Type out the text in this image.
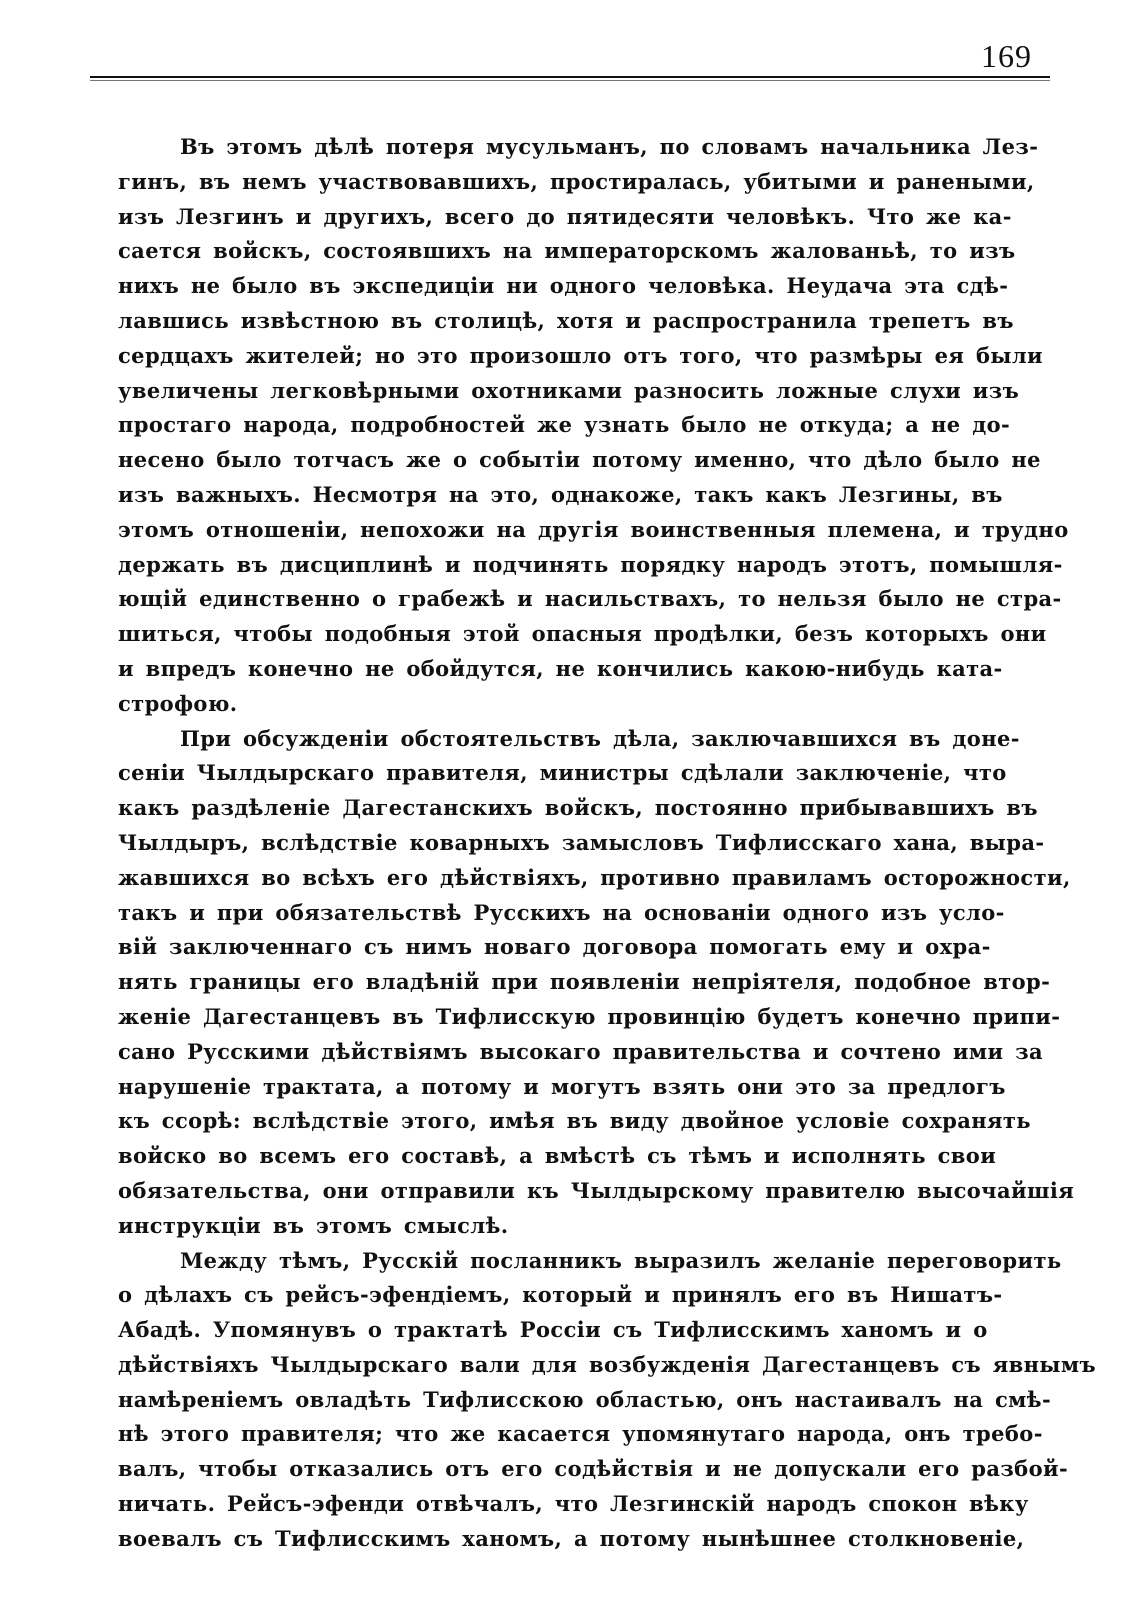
169
Въ этомъ дѣлѣ потеря мусульманъ, по словамъ начальника Лез-
гинъ, въ немъ участвовавшихъ, простиралась, убитыми и ранеными,
изъ Лезгинъ и другихъ, всего до пятидесяти человѣкъ. Что же ка-
сается войскъ, состоявшихъ на императорскомъ жалованьѣ, то изъ
нихъ не было въ экспедиціи ни одного человѣка. Неудача эта сдѣ-
лавшись извѣстною въ столицѣ, хотя и распространила трепетъ въ
сердцахъ жителей; но это произошло отъ того, что размѣры ея были
увеличены легковѣрными охотниками разносить ложные слухи изъ
простаго народа, подробностей же узнать было не откуда; а не до-
несено было тотчасъ же о событіи потому именно, что дѣло было не
изъ важныхъ. Несмотря на это, однакоже, такъ какъ Лезгины, въ
этомъ отношеніи, непохожи на другія воинственныя племена, и трудно
держать въ дисциплинѣ и подчинять порядку народъ этотъ, помышля-
ющій единственно о грабежѣ и насильствахъ, то нельзя было не стра-
шиться, чтобы подобныя этой опасныя продѣлки, безъ которыхъ они
и впредъ конечно не обойдутся, не кончились какою-нибудь ката-
строфою.
При обсужденіи обстоятельствъ дѣла, заключавшихся въ доне-
сеніи Чылдырскаго правителя, министры сдѣлали заключеніе, что
какъ раздѣленіе Дагестанскихъ войскъ, постоянно прибывавшихъ въ
Чылдыръ, вслѣдствіе коварныхъ замысловъ Тифлисскаго хана, выра-
жавшихся во всѣхъ его дѣйствіяхъ, противно правиламъ осторожности,
такъ и при обязательствѣ Русскихъ на основаніи одного изъ усло-
вій заключеннаго съ нимъ новаго договора помогать ему и охра-
нять границы его владѣній при появленіи непріятеля, подобное втор-
женіе Дагестанцевъ въ Тифлисскую провинцію будетъ конечно припи-
сано Русскими дѣйствіямъ высокаго правительства и сочтено ими за
нарушеніе трактата, а потому и могутъ взять они это за предлогъ
къ ссорѣ: вслѣдствіе этого, имѣя въ виду двойное условіе сохранять
войско во всемъ его составѣ, а вмѣстѣ съ тѣмъ и исполнять свои
обязательства, они отправили къ Чылдырскому правителю высочайшія
инструкціи въ этомъ смыслѣ.
Между тѣмъ, Русскій посланникъ выразилъ желаніе переговорить
о дѣлахъ съ рейсъ-эфендіемъ, который и принялъ его въ Нишатъ-
Абадѣ. Упомянувъ о трактатѣ Россіи съ Тифлисскимъ ханомъ и о
дѣйствіяхъ Чылдырскаго вали для возбужденія Дагестанцевъ съ явнымъ
намѣреніемъ овладѣть Тифлисскою областью, онъ настаивалъ на смѣ-
нѣ этого правителя; что же касается упомянутаго народа, онъ требо-
валъ, чтобы отказались отъ его содѣйствія и не допускали его разбой-
ничать. Рейсъ-эфенди отвѣчалъ, что Лезгинскій народъ спокон вѣку
воевалъ съ Тифлисскимъ ханомъ, а потому нынѣшнее столкновеніе,
